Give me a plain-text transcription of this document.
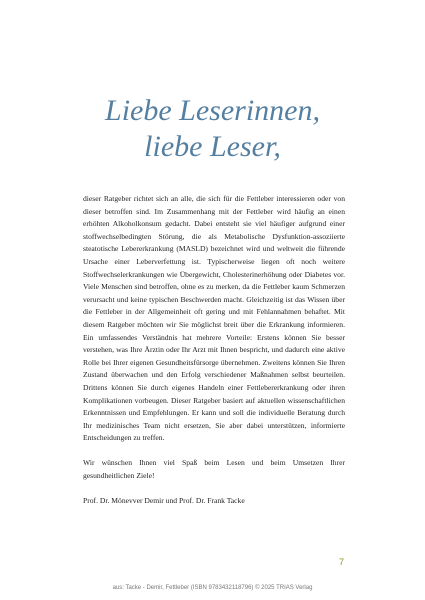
Liebe Leserinnen,
liebe Leser,

dieser Ratgeber richtet sich an alle, die sich für die Fettleber interessieren oder von dieser betroffen sind. Im Zusammenhang mit der Fettleber wird häufig an einen erhöhten Alkoholkonsum gedacht. Dabei entsteht sie viel häufiger aufgrund einer stoffwechselbedingten Störung, die als Metabolische Dysfunktion-assoziierte steatotische Lebererkrankung (MASLD) bezeichnet wird und weltweit die führende Ursache einer Leberverfettung ist. Typischerweise liegen oft noch weitere Stoffwechselerkrankungen wie Übergewicht, Cholesterinerhöhung oder Diabetes vor. Viele Menschen sind betroffen, ohne es zu merken, da die Fettleber kaum Schmerzen verursacht und keine typischen Beschwerden macht. Gleichzeitig ist das Wissen über die Fettleber in der Allgemeinheit oft gering und mit Fehlannahmen behaftet. Mit diesem Ratgeber möchten wir Sie möglichst breit über die Erkrankung informieren. Ein umfassendes Verständnis hat mehrere Vorteile: Erstens können Sie besser verstehen, was Ihre Ärztin oder Ihr Arzt mit Ihnen bespricht, und dadurch eine aktive Rolle bei Ihrer eigenen Gesundheitsfürsorge übernehmen. Zweitens können Sie Ihren Zustand überwachen und den Erfolg verschiedener Maßnahmen selbst beurteilen. Drittens können Sie durch eigenes Handeln einer Fettlebererkrankung oder ihren Komplikationen vorbeugen. Dieser Ratgeber basiert auf aktuellen wissenschaftlichen Erkenntnissen und Empfehlungen. Er kann und soll die individuelle Beratung durch Ihr medizinisches Team nicht ersetzen, Sie aber dabei unterstützen, informierte Entscheidungen zu treffen.

Wir wünschen Ihnen viel Spaß beim Lesen und beim Umsetzen Ihrer gesundheitlichen Ziele!

Prof. Dr. Mönevver Demir und Prof. Dr. Frank Tacke

7
aus: Tacke - Demir, Fettleber (ISBN 9783432118796) © 2025 TRIAS Verlag
